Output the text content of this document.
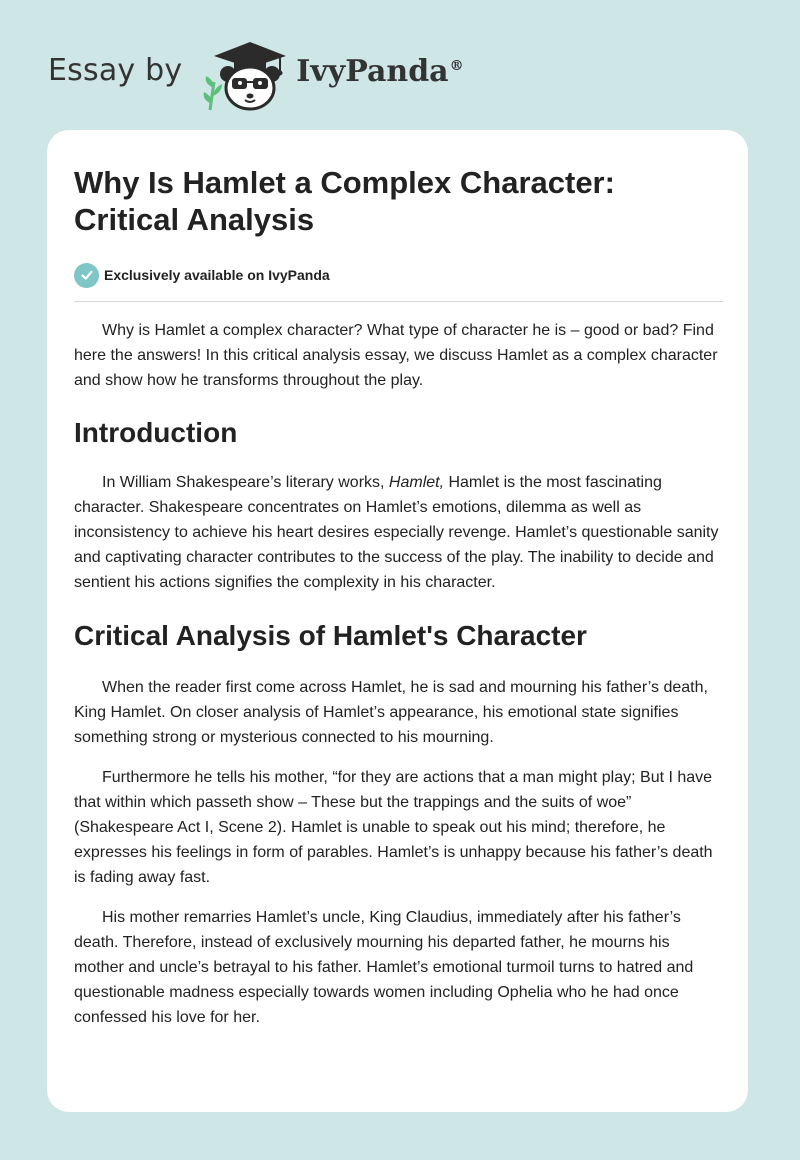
Essay by	IvyPanda®
Why Is Hamlet a Complex Character:
Critical Analysis
Exclusively available on IvyPanda

Why is Hamlet a complex character? What type of character he is – good or bad? Find here the answers! In this critical analysis essay, we discuss Hamlet as a complex character and show how he transforms throughout the play.

Introduction

In William Shakespeare’s literary works, Hamlet, Hamlet is the most fascinating character. Shakespeare concentrates on Hamlet’s emotions, dilemma as well as inconsistency to achieve his heart desires especially revenge. Hamlet’s questionable sanity and captivating character contributes to the success of the play. The inability to decide and sentient his actions signifies the complexity in his character.

Critical Analysis of Hamlet's Character

When the reader first come across Hamlet, he is sad and mourning his father’s death, King Hamlet. On closer analysis of Hamlet’s appearance, his emotional state signifies something strong or mysterious connected to his mourning.

Furthermore he tells his mother, “for they are actions that a man might play; But I have that within which passeth show – These but the trappings and the suits of woe” (Shakespeare Act I, Scene 2). Hamlet is unable to speak out his mind; therefore, he expresses his feelings in form of parables. Hamlet’s is unhappy because his father’s death is fading away fast.

His mother remarries Hamlet’s uncle, King Claudius, immediately after his father’s death. Therefore, instead of exclusively mourning his departed father, he mourns his mother and uncle’s betrayal to his father. Hamlet’s emotional turmoil turns to hatred and questionable madness especially towards women including Ophelia who he had once confessed his love for her.
